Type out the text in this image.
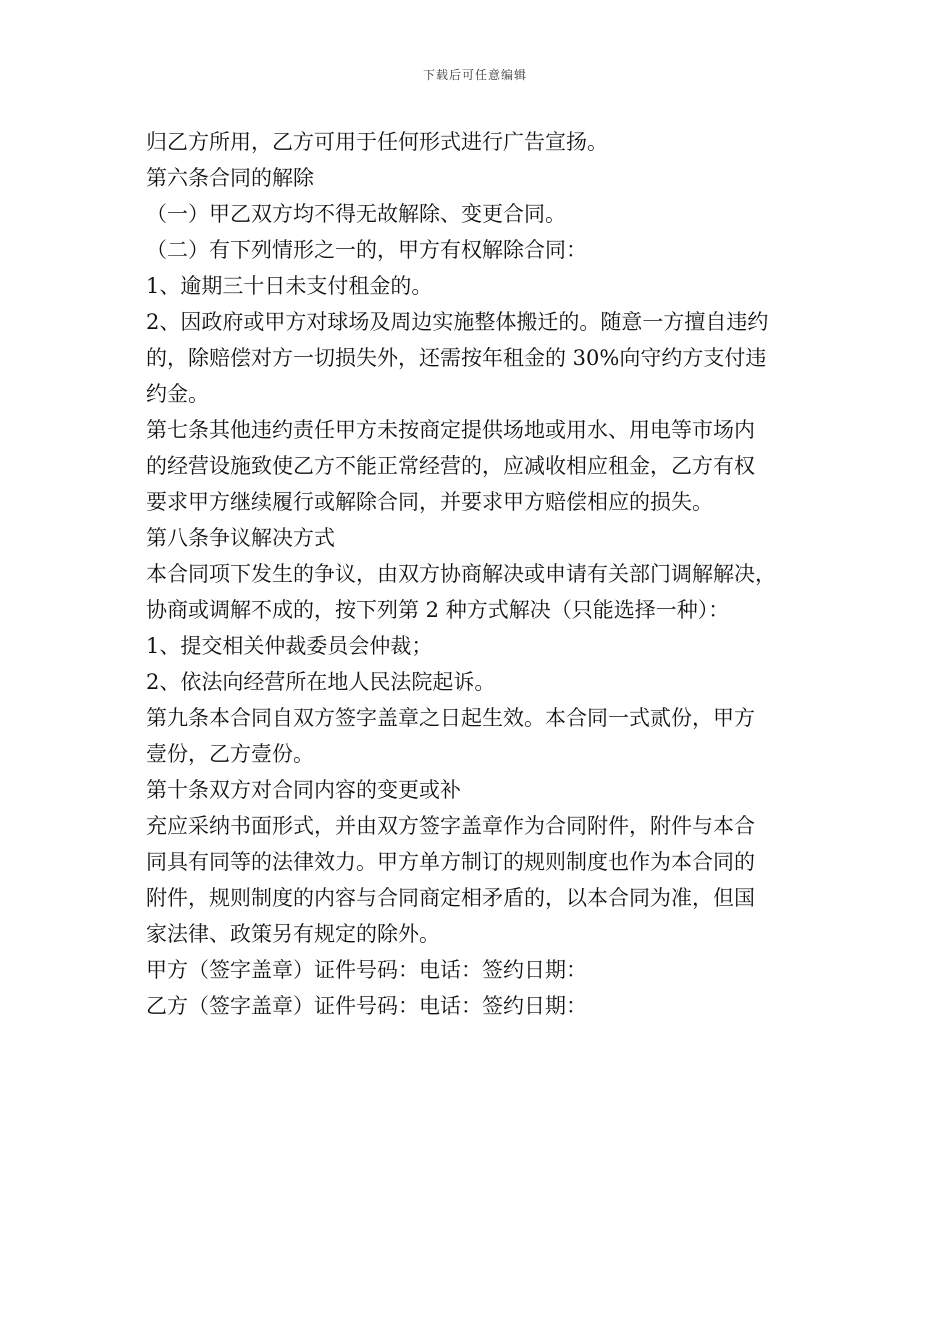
下载后可任意编辑
归乙方所用，乙方可用于任何形式进行广告宣扬。
第六条合同的解除
（一）甲乙双方均不得无故解除、变更合同。
（二）有下列情形之一的，甲方有权解除合同：
1、逾期三十日未支付租金的。
2、因政府或甲方对球场及周边实施整体搬迁的。随意一方擅自违约
的，除赔偿对方一切损失外，还需按年租金的 30%向守约方支付违
约金。
第七条其他违约责任甲方未按商定提供场地或用水、用电等市场内
的经营设施致使乙方不能正常经营的，应减收相应租金，乙方有权
要求甲方继续履行或解除合同，并要求甲方赔偿相应的损失。
第八条争议解决方式
本合同项下发生的争议，由双方协商解决或申请有关部门调解解决，
协商或调解不成的，按下列第 2 种方式解决（只能选择一种）：
1、提交相关仲裁委员会仲裁；
2、依法向经营所在地人民法院起诉。
第九条本合同自双方签字盖章之日起生效。本合同一式贰份，甲方
壹份，乙方壹份。
第十条双方对合同内容的变更或补
充应采纳书面形式，并由双方签字盖章作为合同附件，附件与本合
同具有同等的法律效力。甲方单方制订的规则制度也作为本合同的
附件，规则制度的内容与合同商定相矛盾的，以本合同为准，但国
家法律、政策另有规定的除外。
甲方（签字盖章）证件号码：电话：签约日期：
乙方（签字盖章）证件号码：电话：签约日期：
